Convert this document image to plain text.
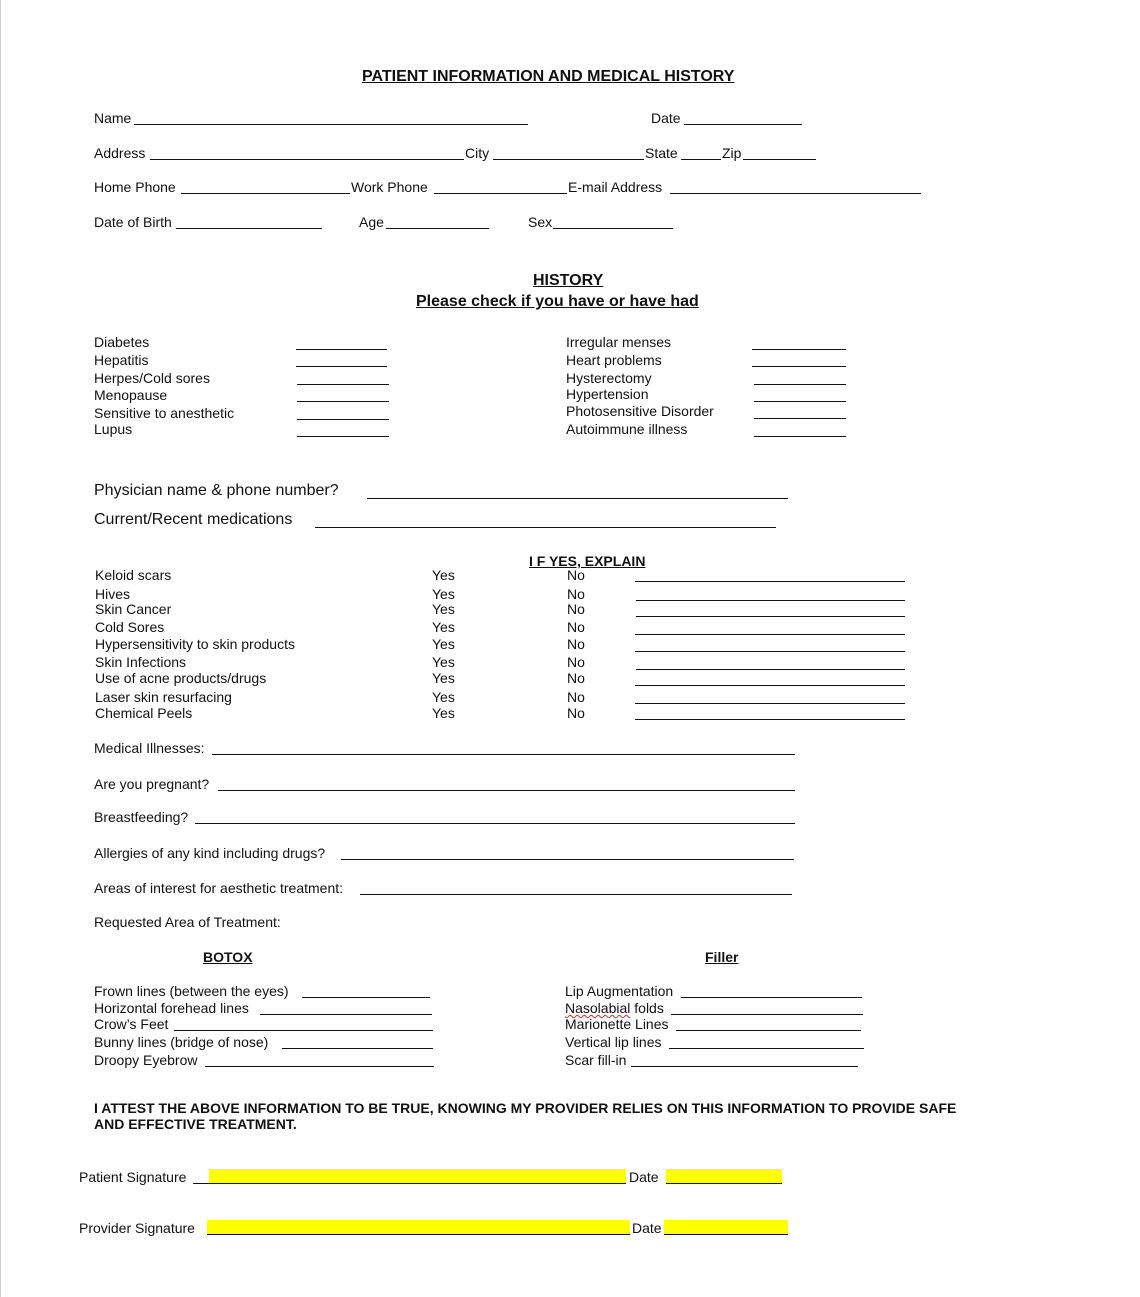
PATIENT INFORMATION AND MEDICAL HISTORY
Name	Date
Address	City	State	Zip
Home Phone	Work Phone	E-mail Address
Date of Birth	Age	Sex
HISTORY
Please check if you have or have had
Diabetes
Hepatitis
Herpes/Cold sores
Menopause
Sensitive to anesthetic
Lupus
Irregular menses
Heart problems
Hysterectomy
Hypertension
Photosensitive Disorder
Autoimmune illness
Physician name & phone number?
Current/Recent medications
I F YES, EXPLAIN
Keloid scars	Yes	No
Hives	Yes	No
Skin Cancer	Yes	No
Cold Sores	Yes	No
Hypersensitivity to skin products	Yes	No
Skin Infections	Yes	No
Use of acne products/drugs	Yes	No
Laser skin resurfacing	Yes	No
Chemical Peels	Yes	No
Medical Illnesses:
Are you pregnant?
Breastfeeding?
Allergies of any kind including drugs?
Areas of interest for aesthetic treatment:
Requested Area of Treatment:
BOTOX	Filler
Frown lines (between the eyes)
Horizontal forehead lines
Crow’s Feet
Bunny lines (bridge of nose)
Droopy Eyebrow
Lip Augmentation
Nasolabial folds
Marionette Lines
Vertical lip lines
Scar fill-in
I ATTEST THE ABOVE INFORMATION TO BE TRUE, KNOWING MY PROVIDER RELIES ON THIS INFORMATION TO PROVIDE SAFE
AND EFFECTIVE TREATMENT.
Patient Signature	Date
Provider Signature	Date
